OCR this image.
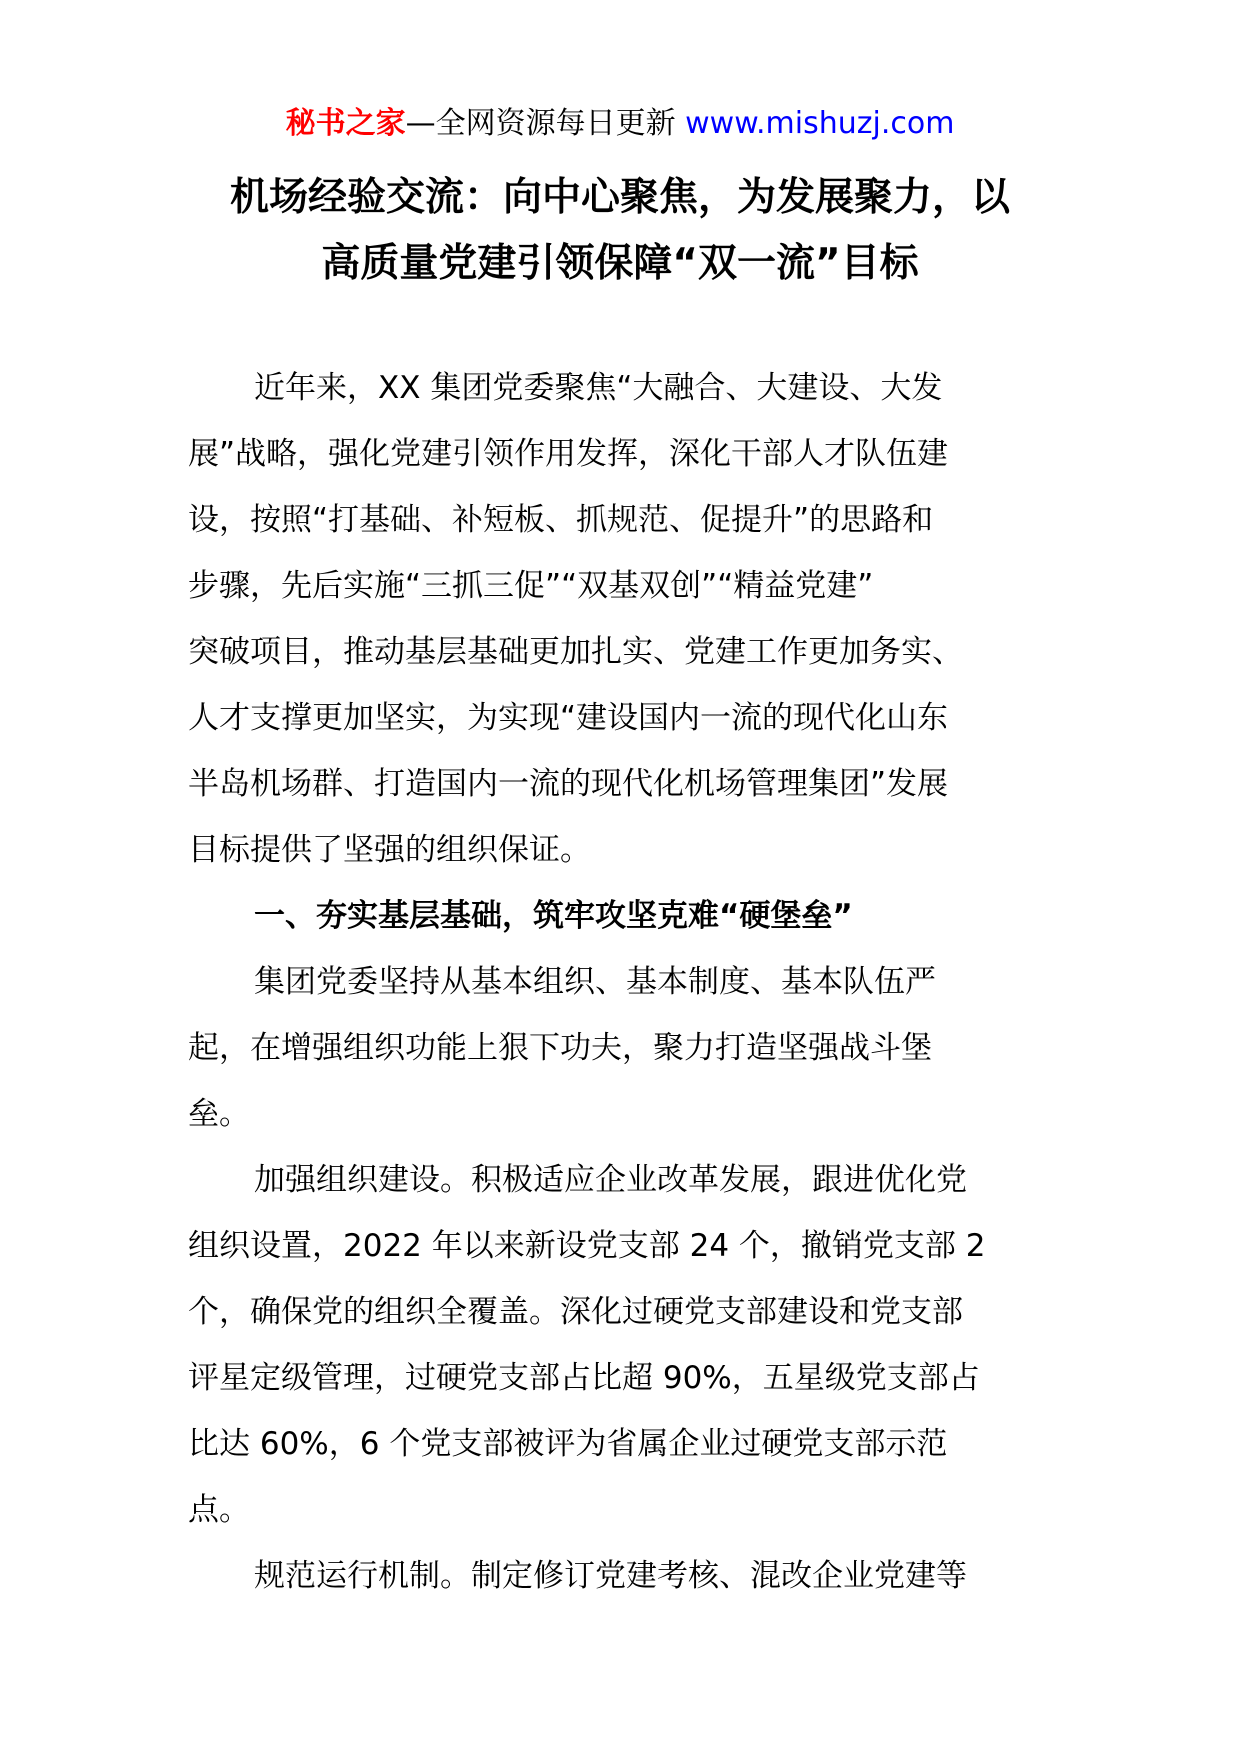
秘书之家—全网资源每日更新 www.mishuzj.com
机场经验交流：向中心聚焦，为发展聚力，以
高质量党建引领保障“双一流”目标
近年来，XX 集团党委聚焦“大融合、大建设、大发
展”战略，强化党建引领作用发挥，深化干部人才队伍建
设，按照“打基础、补短板、抓规范、促提升”的思路和
步骤，先后实施“三抓三促”“双基双创”“精益党建”
突破项目，推动基层基础更加扎实、党建工作更加务实、
人才支撑更加坚实，为实现“建设国内一流的现代化山东
半岛机场群、打造国内一流的现代化机场管理集团”发展
目标提供了坚强的组织保证。
一、夯实基层基础，筑牢攻坚克难“硬堡垒”
集团党委坚持从基本组织、基本制度、基本队伍严
起，在增强组织功能上狠下功夫，聚力打造坚强战斗堡
垒。
加强组织建设。积极适应企业改革发展，跟进优化党
组织设置，2022 年以来新设党支部 24 个，撤销党支部 2
个，确保党的组织全覆盖。深化过硬党支部建设和党支部
评星定级管理，过硬党支部占比超 90%，五星级党支部占
比达 60%，6 个党支部被评为省属企业过硬党支部示范
点。
规范运行机制。制定修订党建考核、混改企业党建等
